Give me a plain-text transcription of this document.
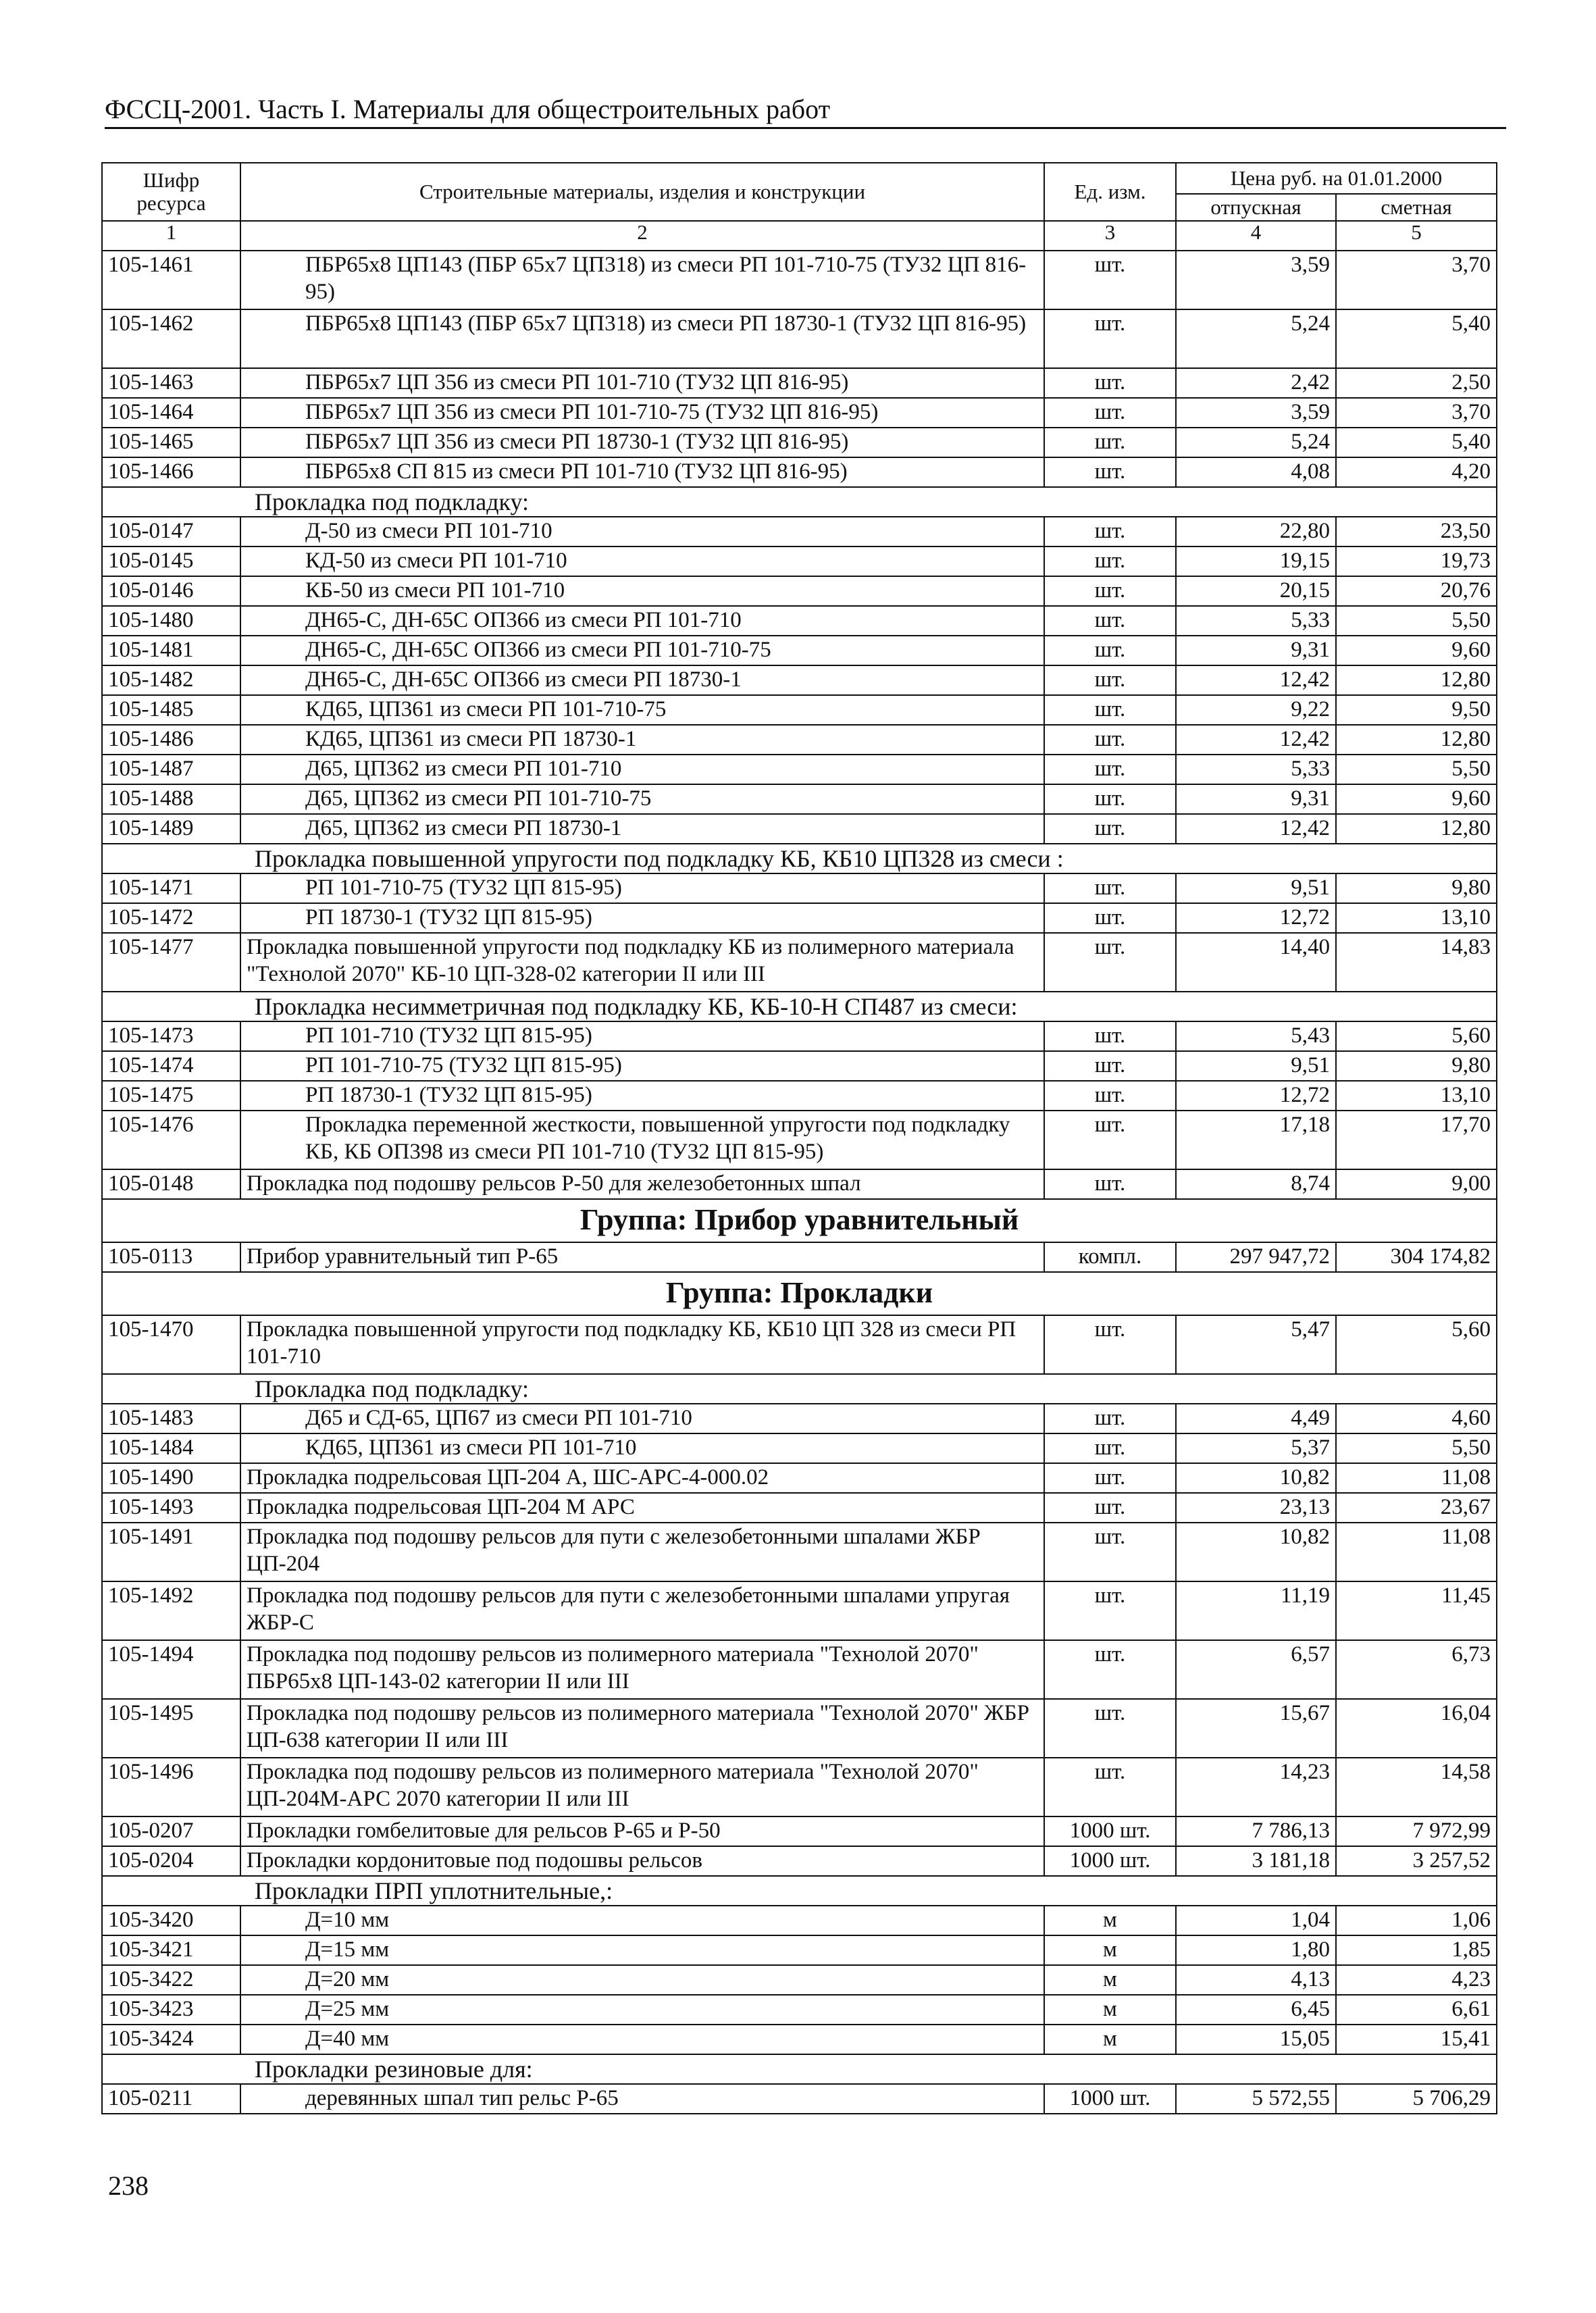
ФССЦ-2001. Часть I. Материалы для общестроительных работ
Шифр ресурса	Строительные материалы, изделия и конструкции	Ед. изм.	Цена руб. на 01.01.2000	
			отпускная	сметная
1	2	3	4	5
105-1461	ПБР65х8 ЦП143 (ПБР 65х7 ЦП318) из смеси РП 101-710-75 (ТУ32 ЦП 816-95)	шт.	3,59	3,70
105-1462	ПБР65х8 ЦП143 (ПБР 65х7 ЦП318) из смеси РП 18730-1 (ТУ32 ЦП 816-95)	шт.	5,24	5,40
105-1463	ПБР65х7 ЦП 356 из смеси РП 101-710 (ТУ32 ЦП 816-95)	шт.	2,42	2,50
105-1464	ПБР65х7 ЦП 356 из смеси РП 101-710-75 (ТУ32 ЦП 816-95)	шт.	3,59	3,70
105-1465	ПБР65х7 ЦП 356 из смеси РП 18730-1 (ТУ32 ЦП 816-95)	шт.	5,24	5,40
105-1466	ПБР65х8 СП 815 из смеси РП 101-710 (ТУ32 ЦП 816-95)	шт.	4,08	4,20
Прокладка под подкладку:				
105-0147	Д-50 из смеси РП 101-710	шт.	22,80	23,50
105-0145	КД-50 из смеси РП 101-710	шт.	19,15	19,73
105-0146	КБ-50 из смеси РП 101-710	шт.	20,15	20,76
105-1480	ДН65-С, ДН-65С ОП366 из смеси РП 101-710	шт.	5,33	5,50
105-1481	ДН65-С, ДН-65С ОП366 из смеси РП 101-710-75	шт.	9,31	9,60
105-1482	ДН65-С, ДН-65С ОП366 из смеси РП 18730-1	шт.	12,42	12,80
105-1485	КД65, ЦП361 из смеси РП 101-710-75	шт.	9,22	9,50
105-1486	КД65, ЦП361 из смеси РП 18730-1	шт.	12,42	12,80
105-1487	Д65, ЦП362 из смеси РП 101-710	шт.	5,33	5,50
105-1488	Д65, ЦП362 из смеси РП 101-710-75	шт.	9,31	9,60
105-1489	Д65, ЦП362 из смеси РП 18730-1	шт.	12,42	12,80
Прокладка повышенной упругости под подкладку КБ, КБ10 ЦП328 из смеси :				
105-1471	РП 101-710-75 (ТУ32 ЦП 815-95)	шт.	9,51	9,80
105-1472	РП 18730-1 (ТУ32 ЦП 815-95)	шт.	12,72	13,10
105-1477	Прокладка повышенной упругости под подкладку КБ из полимерного материала "Технолой 2070" КБ-10 ЦП-328-02 категории II или III	шт.	14,40	14,83
Прокладка несимметричная под подкладку КБ, КБ-10-Н СП487 из смеси:				
105-1473	РП 101-710 (ТУ32 ЦП 815-95)	шт.	5,43	5,60
105-1474	РП 101-710-75 (ТУ32 ЦП 815-95)	шт.	9,51	9,80
105-1475	РП 18730-1 (ТУ32 ЦП 815-95)	шт.	12,72	13,10
105-1476	Прокладка переменной жесткости, повышенной упругости под подкладку КБ, КБ ОП398 из смеси РП 101-710 (ТУ32 ЦП 815-95)	шт.	17,18	17,70
105-0148	Прокладка под подошву рельсов Р-50 для железобетонных шпал	шт.	8,74	9,00
Группа: Прибор уравнительный				
105-0113	Прибор уравнительный тип Р-65	компл.	297 947,72	304 174,82
Группа: Прокладки				
105-1470	Прокладка повышенной упругости под подкладку КБ, КБ10 ЦП 328 из смеси РП 101-710	шт.	5,47	5,60
Прокладка под подкладку:				
105-1483	Д65 и СД-65, ЦП67 из смеси РП 101-710	шт.	4,49	4,60
105-1484	КД65, ЦП361 из смеси РП 101-710	шт.	5,37	5,50
105-1490	Прокладка подрельсовая ЦП-204 А, ШС-АРС-4-000.02	шт.	10,82	11,08
105-1493	Прокладка подрельсовая ЦП-204 М АРС	шт.	23,13	23,67
105-1491	Прокладка под подошву рельсов для пути с железобетонными шпалами ЖБР ЦП-204	шт.	10,82	11,08
105-1492	Прокладка под подошву рельсов для пути с железобетонными шпалами упругая ЖБР-С	шт.	11,19	11,45
105-1494	Прокладка под подошву рельсов из полимерного материала "Технолой 2070" ПБР65х8 ЦП-143-02 категории II или III	шт.	6,57	6,73
105-1495	Прокладка под подошву рельсов из полимерного материала "Технолой 2070" ЖБР ЦП-638 категории II или III	шт.	15,67	16,04
105-1496	Прокладка под подошву рельсов из полимерного материала "Технолой 2070" ЦП-204М-АРС 2070 категории II или III	шт.	14,23	14,58
105-0207	Прокладки гомбелитовые для рельсов Р-65 и Р-50	1000 шт.	7 786,13	7 972,99
105-0204	Прокладки кордонитовые под подошвы рельсов	1000 шт.	3 181,18	3 257,52
Прокладки ПРП уплотнительные,:				
105-3420	Д=10 мм	м	1,04	1,06
105-3421	Д=15 мм	м	1,80	1,85
105-3422	Д=20 мм	м	4,13	4,23
105-3423	Д=25 мм	м	6,45	6,61
105-3424	Д=40 мм	м	15,05	15,41
Прокладки резиновые для:				
105-0211	деревянных шпал тип рельс Р-65	1000 шт.	5 572,55	5 706,29
238
